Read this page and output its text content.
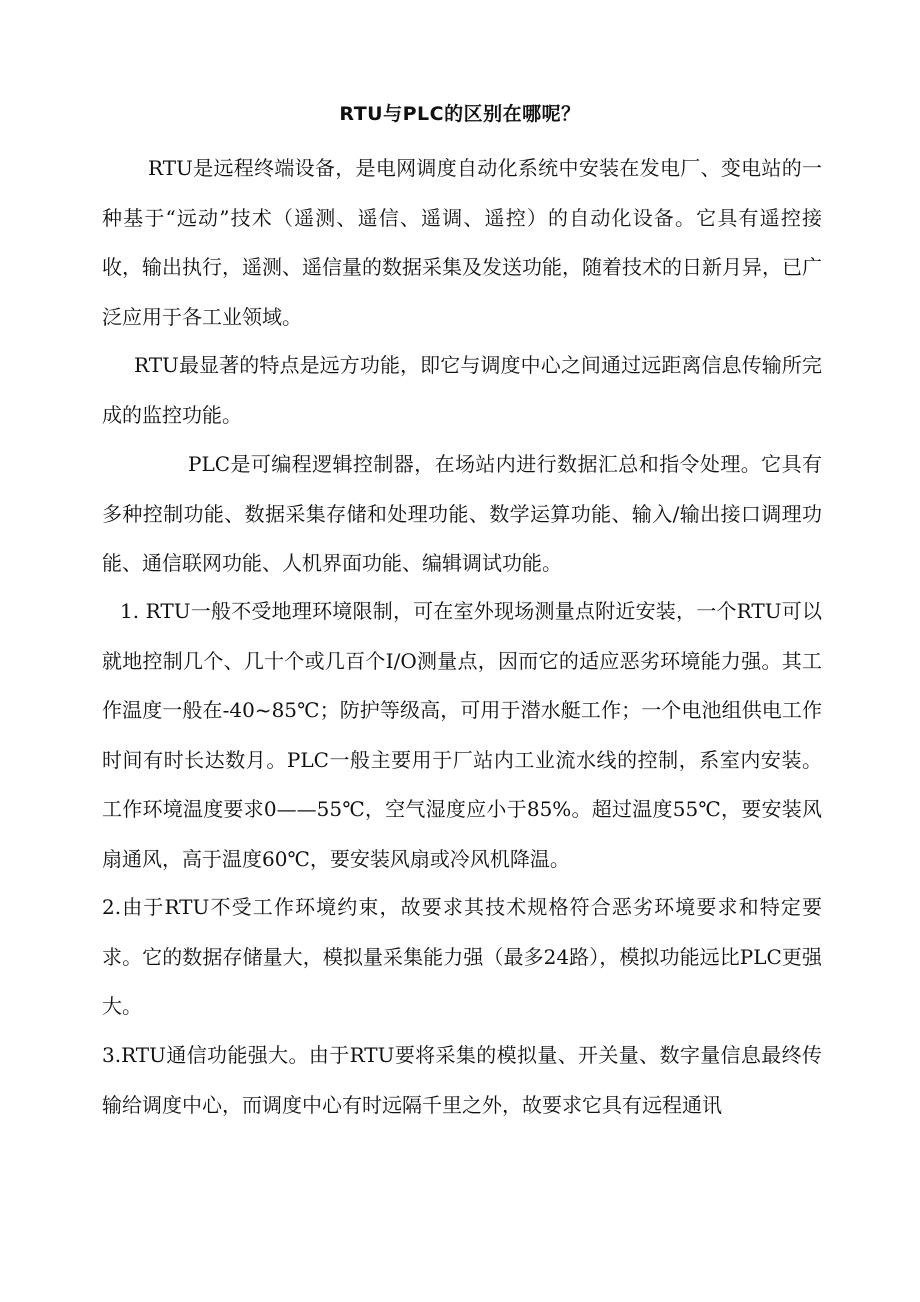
RTU与PLC的区别在哪呢？

RTU是远程终端设备，是电网调度自动化系统中安装在发电厂、变电站的一种基于“远动”技术（遥测、遥信、遥调、遥控）的自动化设备。它具有遥控接收，输出执行，遥测、遥信量的数据采集及发送功能，随着技术的日新月异，已广泛应用于各工业领域。

RTU最显著的特点是远方功能，即它与调度中心之间通过远距离信息传输所完成的监控功能。

PLC是可编程逻辑控制器，在场站内进行数据汇总和指令处理。它具有多种控制功能、数据采集存储和处理功能、数学运算功能、输入/输出接口调理功能、通信联网功能、人机界面功能、编辑调试功能。

1. RTU一般不受地理环境限制，可在室外现场测量点附近安装，一个RTU可以就地控制几个、几十个或几百个I/O测量点，因而它的适应恶劣环境能力强。其工作温度一般在-40~85℃；防护等级高，可用于潜水艇工作；一个电池组供电工作时间有时长达数月。PLC一般主要用于厂站内工业流水线的控制，系室内安装。工作环境温度要求0——55℃，空气湿度应小于85%。超过温度55℃，要安装风扇通风，高于温度60℃，要安装风扇或冷风机降温。

2.由于RTU不受工作环境约束，故要求其技术规格符合恶劣环境要求和特定要求。它的数据存储量大，模拟量采集能力强（最多24路），模拟功能远比PLC更强大。

3.RTU通信功能强大。由于RTU要将采集的模拟量、开关量、数字量信息最终传输给调度中心，而调度中心有时远隔千里之外，故要求它具有远程通讯
